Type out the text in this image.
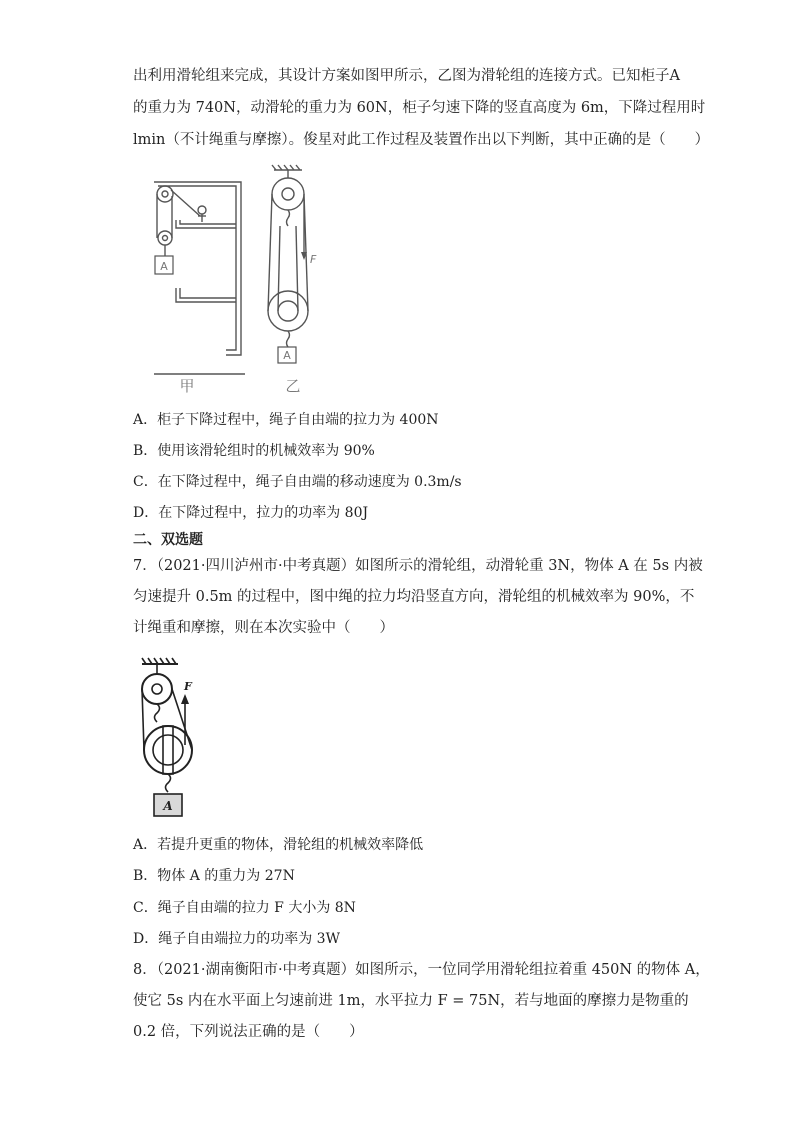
出利用滑轮组来完成，其设计方案如图甲所示，乙图为滑轮组的连接方式。已知柜子A
的重力为 740N，动滑轮的重力为 60N，柜子匀速下降的竖直高度为 6m，下降过程用时
lmin（不计绳重与摩擦）。俊星对此工作过程及装置作出以下判断，其中正确的是（　　）
A
甲
F
A
乙
A．柜子下降过程中，绳子自由端的拉力为 400N
B．使用该滑轮组时的机械效率为 90%
C．在下降过程中，绳子自由端的移动速度为 0.3m/s
D．在下降过程中，拉力的功率为 80J
二、双选题
7．（2021·四川泸州市·中考真题）如图所示的滑轮组，动滑轮重 3N，物体 A 在 5s 内被
匀速提升 0.5m 的过程中，图中绳的拉力均沿竖直方向，滑轮组的机械效率为 90%，不
计绳重和摩擦，则在本次实验中（　　）
F
A
A．若提升更重的物体，滑轮组的机械效率降低
B．物体 A 的重力为 27N
C．绳子自由端的拉力 F 大小为 8N
D．绳子自由端拉力的功率为 3W
8．（2021·湖南衡阳市·中考真题）如图所示，一位同学用滑轮组拉着重 450N 的物体 A，
使它 5s 内在水平面上匀速前进 1m，水平拉力 F = 75N，若与地面的摩擦力是物重的
0.2 倍，下列说法正确的是（　　）
